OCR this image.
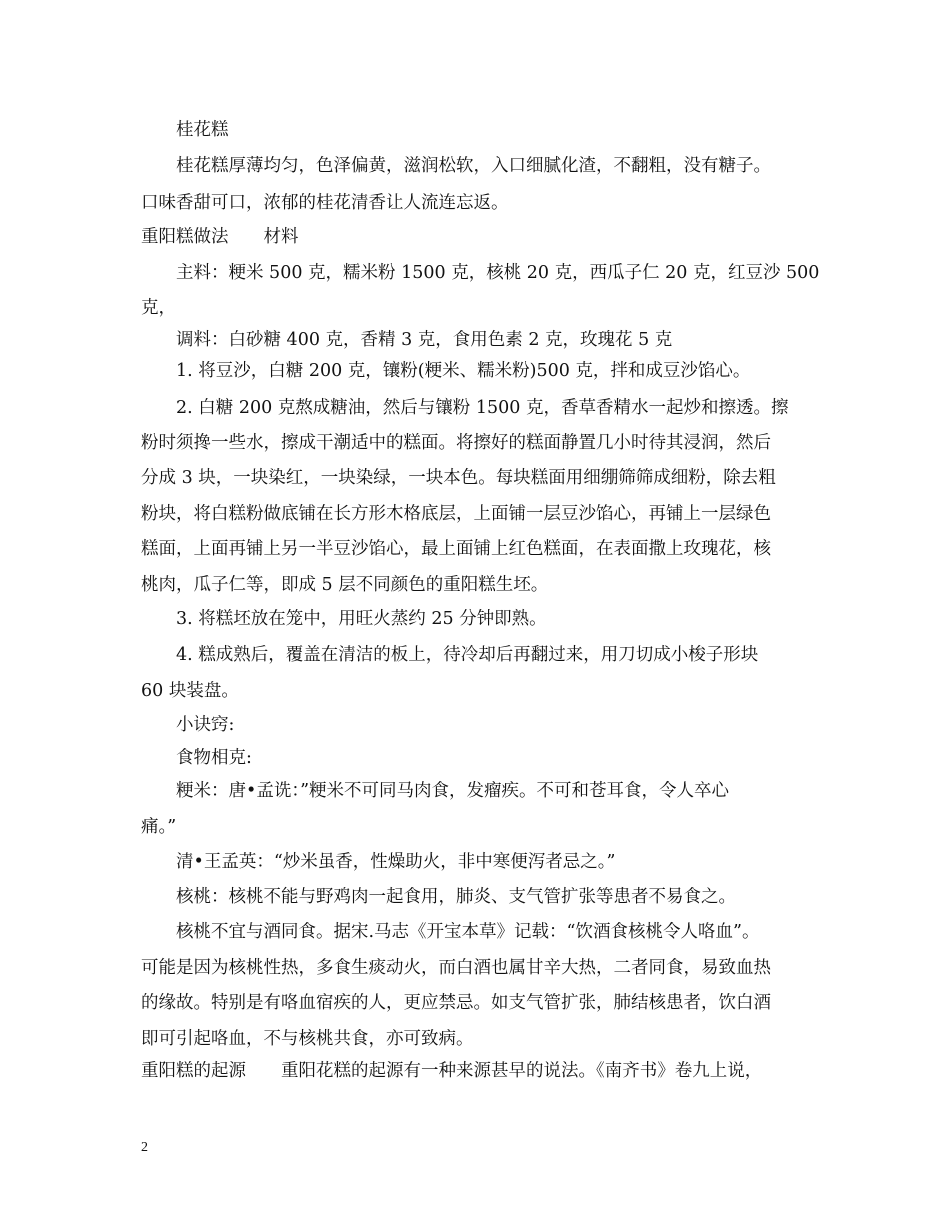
桂花糕
桂花糕厚薄均匀，色泽偏黄，滋润松软，入口细腻化渣，不翻粗，没有糖子。
口味香甜可口，浓郁的桂花清香让人流连忘返。
重阳糕做法　　材料
主料：粳米 500 克，糯米粉 1500 克，核桃 20 克，西瓜子仁 20 克，红豆沙 500
克，
调料：白砂糖 400 克，香精 3 克，食用色素 2 克，玫瑰花 5 克
1. 将豆沙，白糖 200 克，镶粉(粳米、糯米粉)500 克，拌和成豆沙馅心。
2. 白糖 200 克熬成糖油，然后与镶粉 1500 克，香草香精水一起炒和擦透。擦
粉时须搀一些水，擦成干潮适中的糕面。将擦好的糕面静置几小时待其浸润，然后
分成 3 块，一块染红，一块染绿，一块本色。每块糕面用细绷筛筛成细粉，除去粗
粉块，将白糕粉做底铺在长方形木格底层，上面铺一层豆沙馅心，再铺上一层绿色
糕面，上面再铺上另一半豆沙馅心，最上面铺上红色糕面，在表面撒上玫瑰花，核
桃肉，瓜子仁等，即成 5 层不同颜色的重阳糕生坯。
3. 将糕坯放在笼中，用旺火蒸约 25 分钟即熟。
4. 糕成熟后，覆盖在清洁的板上，待冷却后再翻过来，用刀切成小梭子形块
60 块装盘。
小诀窍:
食物相克:
粳米：唐•孟诜：”粳米不可同马肉食，发瘤疾。不可和苍耳食，令人卒心
痛。”
清•王孟英：“炒米虽香，性燥助火，非中寒便泻者忌之。”
核桃：核桃不能与野鸡肉一起食用，肺炎、支气管扩张等患者不易食之。
核桃不宜与酒同食。据宋.马志《开宝本草》记载：“饮酒食核桃令人咯血”。
可能是因为核桃性热，多食生痰动火，而白酒也属甘辛大热，二者同食，易致血热
的缘故。特别是有咯血宿疾的人，更应禁忌。如支气管扩张，肺结核患者，饮白酒
即可引起咯血，不与核桃共食，亦可致病。
重阳糕的起源　　重阳花糕的起源有一种来源甚早的说法。《南齐书》卷九上说，
2
